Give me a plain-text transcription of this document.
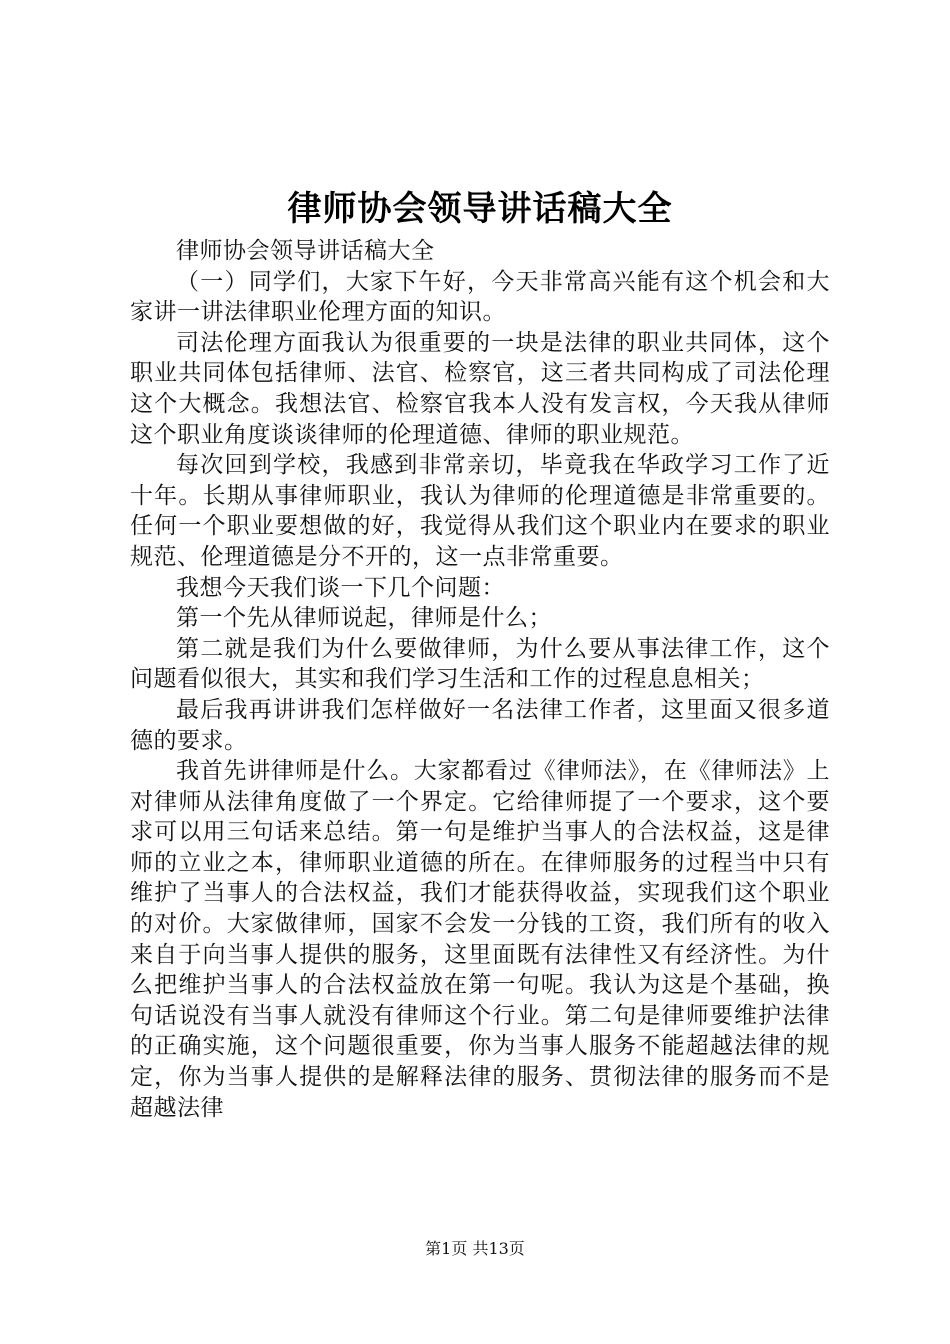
律师协会领导讲话稿大全

律师协会领导讲话稿大全

（一）同学们，大家下午好，今天非常高兴能有这个机会和大家讲一讲法律职业伦理方面的知识。

司法伦理方面我认为很重要的一块是法律的职业共同体，这个职业共同体包括律师、法官、检察官，这三者共同构成了司法伦理这个大概念。我想法官、检察官我本人没有发言权，今天我从律师这个职业角度谈谈律师的伦理道德、律师的职业规范。

每次回到学校，我感到非常亲切，毕竟我在华政学习工作了近十年。长期从事律师职业，我认为律师的伦理道德是非常重要的。任何一个职业要想做的好，我觉得从我们这个职业内在要求的职业规范、伦理道德是分不开的，这一点非常重要。

我想今天我们谈一下几个问题：

第一个先从律师说起，律师是什么；

第二就是我们为什么要做律师，为什么要从事法律工作，这个问题看似很大，其实和我们学习生活和工作的过程息息相关；

最后我再讲讲我们怎样做好一名法律工作者，这里面又很多道德的要求。

我首先讲律师是什么。大家都看过《律师法》，在《律师法》上对律师从法律角度做了一个界定。它给律师提了一个要求，这个要求可以用三句话来总结。第一句是维护当事人的合法权益，这是律师的立业之本，律师职业道德的所在。在律师服务的过程当中只有维护了当事人的合法权益，我们才能获得收益，实现我们这个职业的对价。大家做律师，国家不会发一分钱的工资，我们所有的收入来自于向当事人提供的服务，这里面既有法律性又有经济性。为什么把维护当事人的合法权益放在第一句呢。我认为这是个基础，换句话说没有当事人就没有律师这个行业。第二句是律师要维护法律的正确实施，这个问题很重要，你为当事人服务不能超越法律的规定，你为当事人提供的是解释法律的服务、贯彻法律的服务而不是超越法律

第1页 共13页
